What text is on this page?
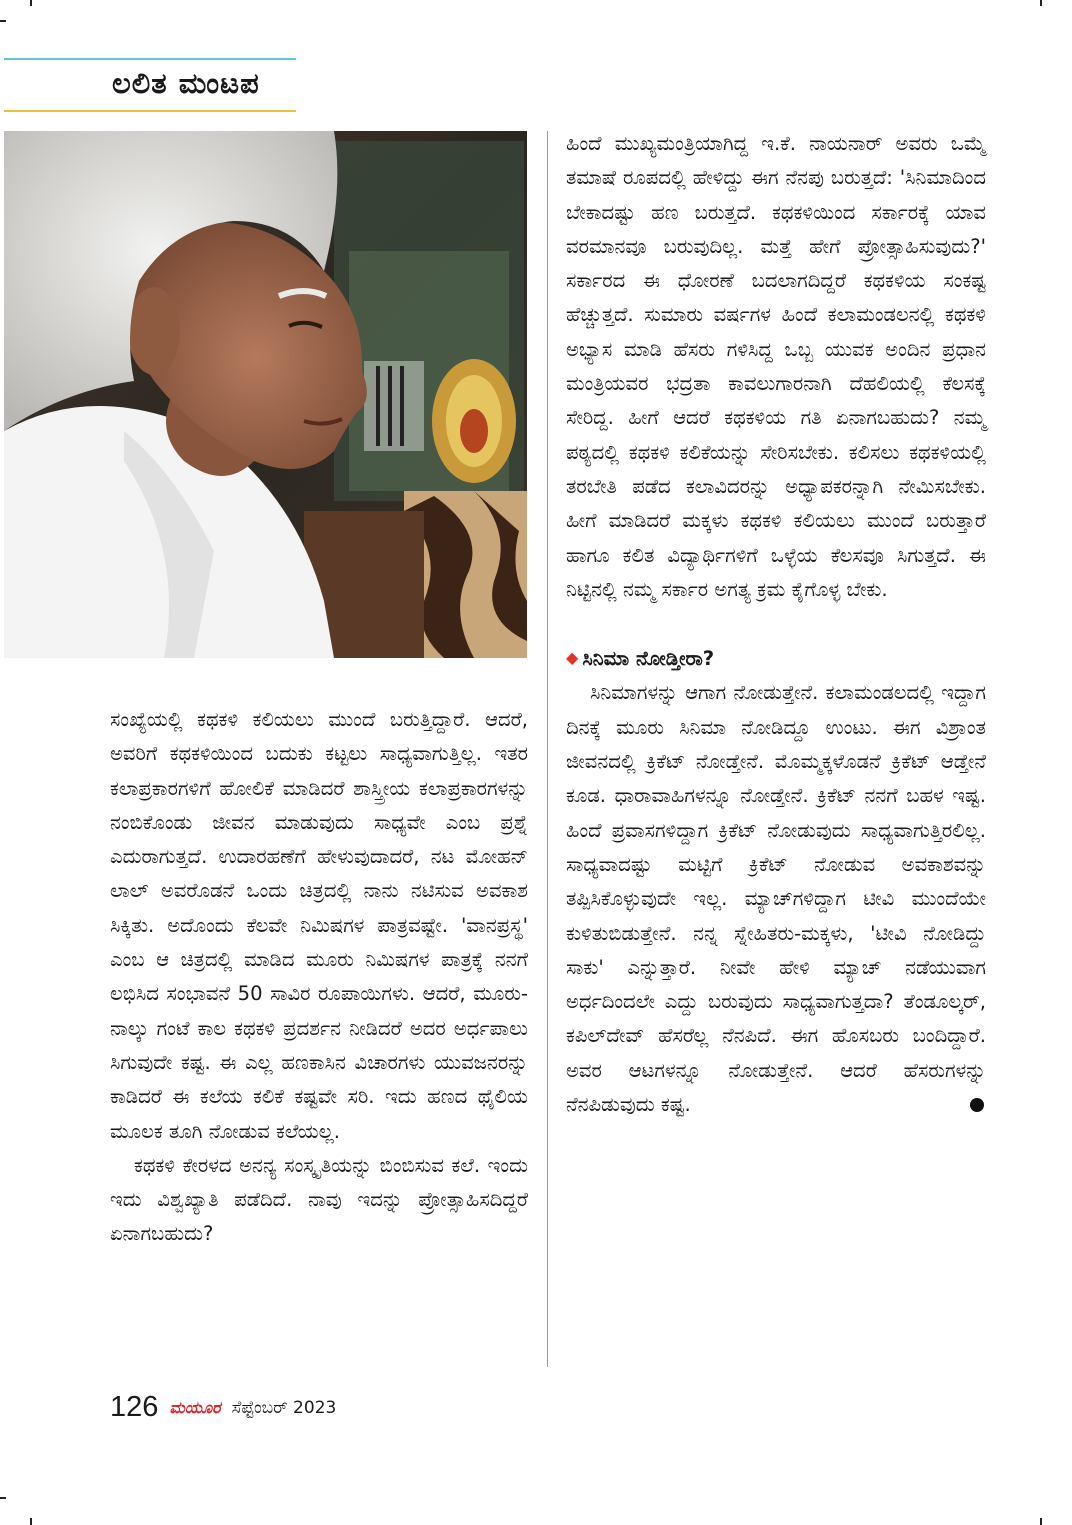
ಲಲಿತ ಮಂಟಪ

ಸಂಖ್ಯೆಯಲ್ಲಿ ಕಥಕಳಿ ಕಲಿಯಲು ಮುಂದೆ ಬರುತ್ತಿದ್ದಾರೆ. ಆದರೆ, ಅವರಿಗೆ ಕಥಕಳಿಯಿಂದ ಬದುಕು ಕಟ್ಟಲು ಸಾಧ್ಯವಾಗುತ್ತಿಲ್ಲ. ಇತರ ಕಲಾಪ್ರಕಾರಗಳಿಗೆ ಹೋಲಿಕೆ ಮಾಡಿದರೆ ಶಾಸ್ತ್ರೀಯ ಕಲಾಪ್ರಕಾರಗಳನ್ನು ನಂಬಿಕೊಂಡು ಜೀವನ ಮಾಡುವುದು ಸಾಧ್ಯವೇ ಎಂಬ ಪ್ರಶ್ನೆ ಎದುರಾಗುತ್ತದೆ. ಉದಾರಹಣೆಗೆ ಹೇಳುವುದಾದರೆ, ನಟ ಮೋಹನ್ ಲಾಲ್ ಅವರೊಡನೆ ಒಂದು ಚಿತ್ರದಲ್ಲಿ ನಾನು ನಟಿಸುವ ಅವಕಾಶ ಸಿಕ್ಕಿತು. ಅದೊಂದು ಕೆಲವೇ ನಿಮಿಷಗಳ ಪಾತ್ರವಷ್ಟೇ. 'ವಾನಪ್ರಸ್ಥ' ಎಂಬ ಆ ಚಿತ್ರದಲ್ಲಿ ಮಾಡಿದ ಮೂರು ನಿಮಿಷಗಳ ಪಾತ್ರಕ್ಕೆ ನನಗೆ ಲಭಿಸಿದ ಸಂಭಾವನೆ 50 ಸಾವಿರ ರೂಪಾಯಿಗಳು. ಆದರೆ, ಮೂರು-ನಾಲ್ಕು ಗಂಟೆ ಕಾಲ ಕಥಕಳಿ ಪ್ರದರ್ಶನ ನೀಡಿದರೆ ಅದರ ಅರ್ಧಪಾಲು ಸಿಗುವುದೇ ಕಷ್ಟ. ಈ ಎಲ್ಲ ಹಣಕಾಸಿನ ವಿಚಾರಗಳು ಯುವಜನರನ್ನು ಕಾಡಿದರೆ ಈ ಕಲೆಯ ಕಲಿಕೆ ಕಷ್ಟವೇ ಸರಿ. ಇದು ಹಣದ ಥೈಲಿಯ ಮೂಲಕ ತೂಗಿ ನೋಡುವ ಕಲೆಯಲ್ಲ.

ಕಥಕಳಿ ಕೇರಳದ ಅನನ್ಯ ಸಂಸ್ಕೃತಿಯನ್ನು ಬಿಂಬಿಸುವ ಕಲೆ. ಇಂದು ಇದು ವಿಶ್ವಖ್ಯಾತಿ ಪಡೆದಿದೆ. ನಾವು ಇದನ್ನು ಪ್ರೋತ್ಸಾಹಿಸದಿದ್ದರೆ ಏನಾಗಬಹುದು?

ಹಿಂದೆ ಮುಖ್ಯಮಂತ್ರಿಯಾಗಿದ್ದ ಇ.ಕೆ. ನಾಯನಾರ್ ಅವರು ಒಮ್ಮೆ ತಮಾಷೆ ರೂಪದಲ್ಲಿ ಹೇಳಿದ್ದು ಈಗ ನೆನಪು ಬರುತ್ತದೆ: 'ಸಿನಿಮಾದಿಂದ ಬೇಕಾದಷ್ಟು ಹಣ ಬರುತ್ತದೆ. ಕಥಕಳಿಯಿಂದ ಸರ್ಕಾರಕ್ಕೆ ಯಾವ ವರಮಾನವೂ ಬರುವುದಿಲ್ಲ. ಮತ್ತೆ ಹೇಗೆ ಪ್ರೋತ್ಸಾಹಿಸುವುದು?' ಸರ್ಕಾರದ ಈ ಧೋರಣೆ ಬದಲಾಗದಿದ್ದರೆ ಕಥಕಳಿಯ ಸಂಕಷ್ಟ ಹೆಚ್ಚುತ್ತದೆ. ಸುಮಾರು ವರ್ಷಗಳ ಹಿಂದೆ ಕಲಾಮಂಡಲನಲ್ಲಿ ಕಥಕಳಿ ಅಭ್ಯಾಸ ಮಾಡಿ ಹೆಸರು ಗಳಿಸಿದ್ದ ಒಬ್ಬ ಯುವಕ ಅಂದಿನ ಪ್ರಧಾನ ಮಂತ್ರಿಯವರ ಭದ್ರತಾ ಕಾವಲುಗಾರನಾಗಿ ದೆಹಲಿಯಲ್ಲಿ ಕೆಲಸಕ್ಕೆ ಸೇರಿದ್ದ. ಹೀಗೆ ಆದರೆ ಕಥಕಳಿಯ ಗತಿ ಏನಾಗಬಹುದು? ನಮ್ಮ ಪಠ್ಯದಲ್ಲಿ ಕಥಕಳಿ ಕಲಿಕೆಯನ್ನು ಸೇರಿಸಬೇಕು. ಕಲಿಸಲು ಕಥಕಳಿಯಲ್ಲಿ ತರಬೇತಿ ಪಡೆದ ಕಲಾವಿದರನ್ನು ಅಧ್ಯಾಪಕರನ್ನಾಗಿ ನೇಮಿಸಬೇಕು. ಹೀಗೆ ಮಾಡಿದರೆ ಮಕ್ಕಳು ಕಥಕಳಿ ಕಲಿಯಲು ಮುಂದೆ ಬರುತ್ತಾರೆ ಹಾಗೂ ಕಲಿತ ವಿದ್ಯಾರ್ಥಿಗಳಿಗೆ ಒಳ್ಳೆಯ ಕೆಲಸವೂ ಸಿಗುತ್ತದೆ. ಈ ನಿಟ್ಟಿನಲ್ಲಿ ನಮ್ಮ ಸರ್ಕಾರ ಅಗತ್ಯ ಕ್ರಮ ಕೈಗೊಳ್ಳ ಬೇಕು.

◆ ಸಿನಿಮಾ ನೋಡ್ತೀರಾ?

ಸಿನಿಮಾಗಳನ್ನು ಆಗಾಗ ನೋಡುತ್ತೇನೆ. ಕಲಾಮಂಡಲದಲ್ಲಿ ಇದ್ದಾಗ ದಿನಕ್ಕೆ ಮೂರು ಸಿನಿಮಾ ನೋಡಿದ್ದೂ ಉಂಟು. ಈಗ ವಿಶ್ರಾಂತ ಜೀವನದಲ್ಲಿ ಕ್ರಿಕೆಟ್ ನೋಡ್ತೇನೆ. ಮೊಮ್ಮಕ್ಕಳೊಡನೆ ಕ್ರಿಕೆಟ್ ಆಡ್ತೇನೆ ಕೂಡ. ಧಾರಾವಾಹಿಗಳನ್ನೂ ನೋಡ್ತೇನೆ. ಕ್ರಿಕೆಟ್ ನನಗೆ ಬಹಳ ಇಷ್ಟ. ಹಿಂದೆ ಪ್ರವಾಸಗಳಿದ್ದಾಗ ಕ್ರಿಕೆಟ್ ನೋಡುವುದು ಸಾಧ್ಯವಾಗುತ್ತಿರಲಿಲ್ಲ. ಸಾಧ್ಯವಾದಷ್ಟು ಮಟ್ಟಿಗೆ ಕ್ರಿಕೆಟ್ ನೋಡುವ ಅವಕಾಶವನ್ನು ತಪ್ಪಿಸಿಕೊಳ್ಳುವುದೇ ಇಲ್ಲ. ಮ್ಯಾಚ್‌ಗಳಿದ್ದಾಗ ಟೀವಿ ಮುಂದೆಯೇ ಕುಳಿತುಬಿಡುತ್ತೇನೆ. ನನ್ನ ಸ್ನೇಹಿತರು-ಮಕ್ಕಳು, 'ಟೀವಿ ನೋಡಿದ್ದು ಸಾಕು' ಎನ್ನುತ್ತಾರೆ. ನೀವೇ ಹೇಳಿ ಮ್ಯಾಚ್ ನಡೆಯುವಾಗ ಅರ್ಧದಿಂದಲೇ ಎದ್ದು ಬರುವುದು ಸಾಧ್ಯವಾಗುತ್ತದಾ? ತೆಂಡೂಲ್ಕರ್, ಕಪಿಲ್‌ದೇವ್ ಹೆಸರೆಲ್ಲ ನೆನಪಿದೆ. ಈಗ ಹೊಸಬರು ಬಂದಿದ್ದಾರೆ. ಅವರ ಆಟಗಳನ್ನೂ ನೋಡುತ್ತೇನೆ. ಆದರೆ ಹೆಸರುಗಳನ್ನು ನೆನಪಿಡುವುದು ಕಷ್ಟ.

126 ಮಯೂರ ಸೆಪ್ಟೆಂಬರ್ 2023
